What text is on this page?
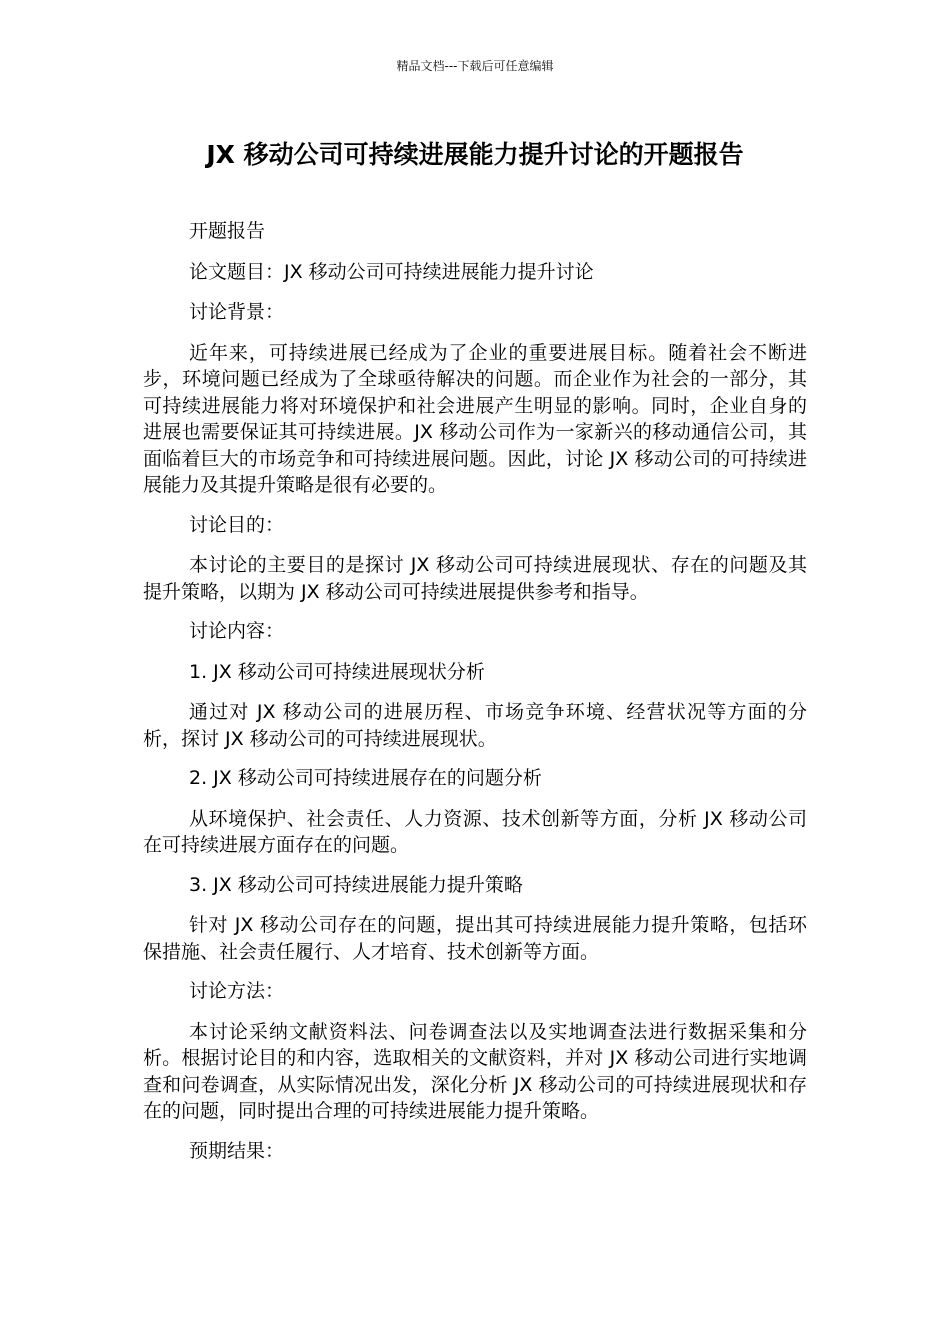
精品文档---下载后可任意编辑
JX 移动公司可持续进展能力提升讨论的开题报告

开题报告

论文题目：JX 移动公司可持续进展能力提升讨论

讨论背景：

近年来，可持续进展已经成为了企业的重要进展目标。随着社会不断进步，环境问题已经成为了全球亟待解决的问题。而企业作为社会的一部分，其可持续进展能力将对环境保护和社会进展产生明显的影响。同时，企业自身的进展也需要保证其可持续进展。JX 移动公司作为一家新兴的移动通信公司，其面临着巨大的市场竞争和可持续进展问题。因此，讨论 JX 移动公司的可持续进展能力及其提升策略是很有必要的。

讨论目的：

本讨论的主要目的是探讨 JX 移动公司可持续进展现状、存在的问题及其提升策略，以期为 JX 移动公司可持续进展提供参考和指导。

讨论内容：

1. JX 移动公司可持续进展现状分析

通过对 JX 移动公司的进展历程、市场竞争环境、经营状况等方面的分析，探讨 JX 移动公司的可持续进展现状。

2. JX 移动公司可持续进展存在的问题分析

从环境保护、社会责任、人力资源、技术创新等方面，分析 JX 移动公司在可持续进展方面存在的问题。

3. JX 移动公司可持续进展能力提升策略

针对 JX 移动公司存在的问题，提出其可持续进展能力提升策略，包括环保措施、社会责任履行、人才培育、技术创新等方面。

讨论方法：

本讨论采纳文献资料法、问卷调查法以及实地调查法进行数据采集和分析。根据讨论目的和内容，选取相关的文献资料，并对 JX 移动公司进行实地调查和问卷调查，从实际情况出发，深化分析 JX 移动公司的可持续进展现状和存在的问题，同时提出合理的可持续进展能力提升策略。

预期结果：
